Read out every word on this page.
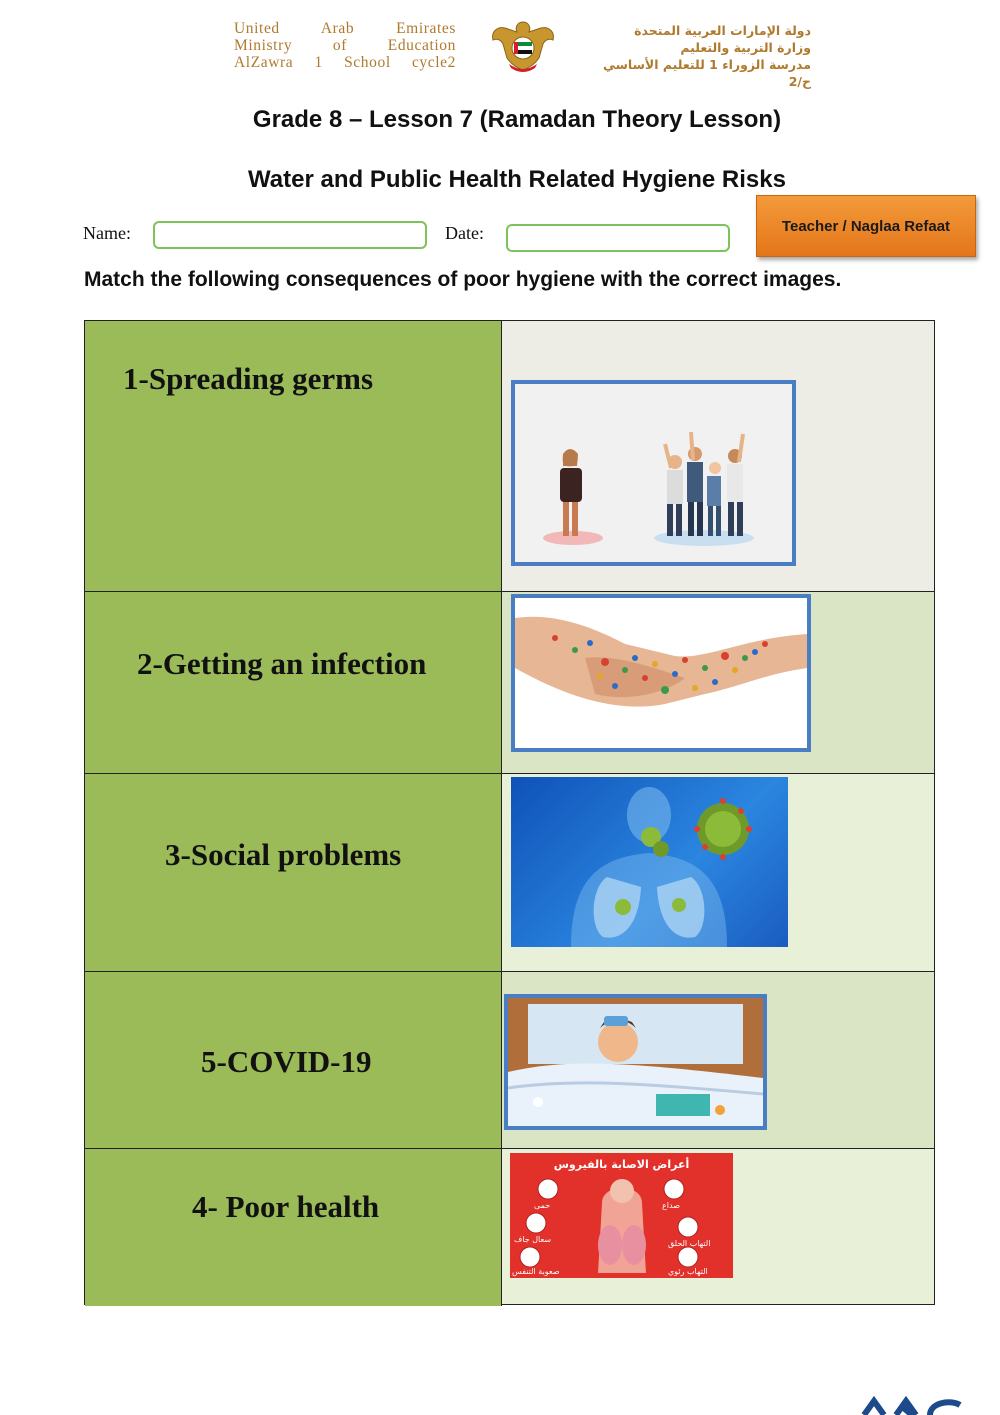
United Arab Emirates
Ministry of Education
AlZawra 1 School cycle2
دولة الإمارات العربية المتحدة
وزارة التربية والتعليم
مدرسة الزوراء 1 للتعليم الأساسي ح/2
Grade 8 – Lesson 7 (Ramadan Theory Lesson)
Water and Public Health Related Hygiene Risks
Name:	Date:	Teacher / Naglaa Refaat
Match the following consequences of poor hygiene with the correct images.
1-Spreading germs
2-Getting an infection
3-Social problems
5-COVID-19
4- Poor health
أعراض الاصابة بالفيروس
حمى	صداع
سعال جاف	التهاب الحلق
صعوبة التنفس	التهاب رئوي
